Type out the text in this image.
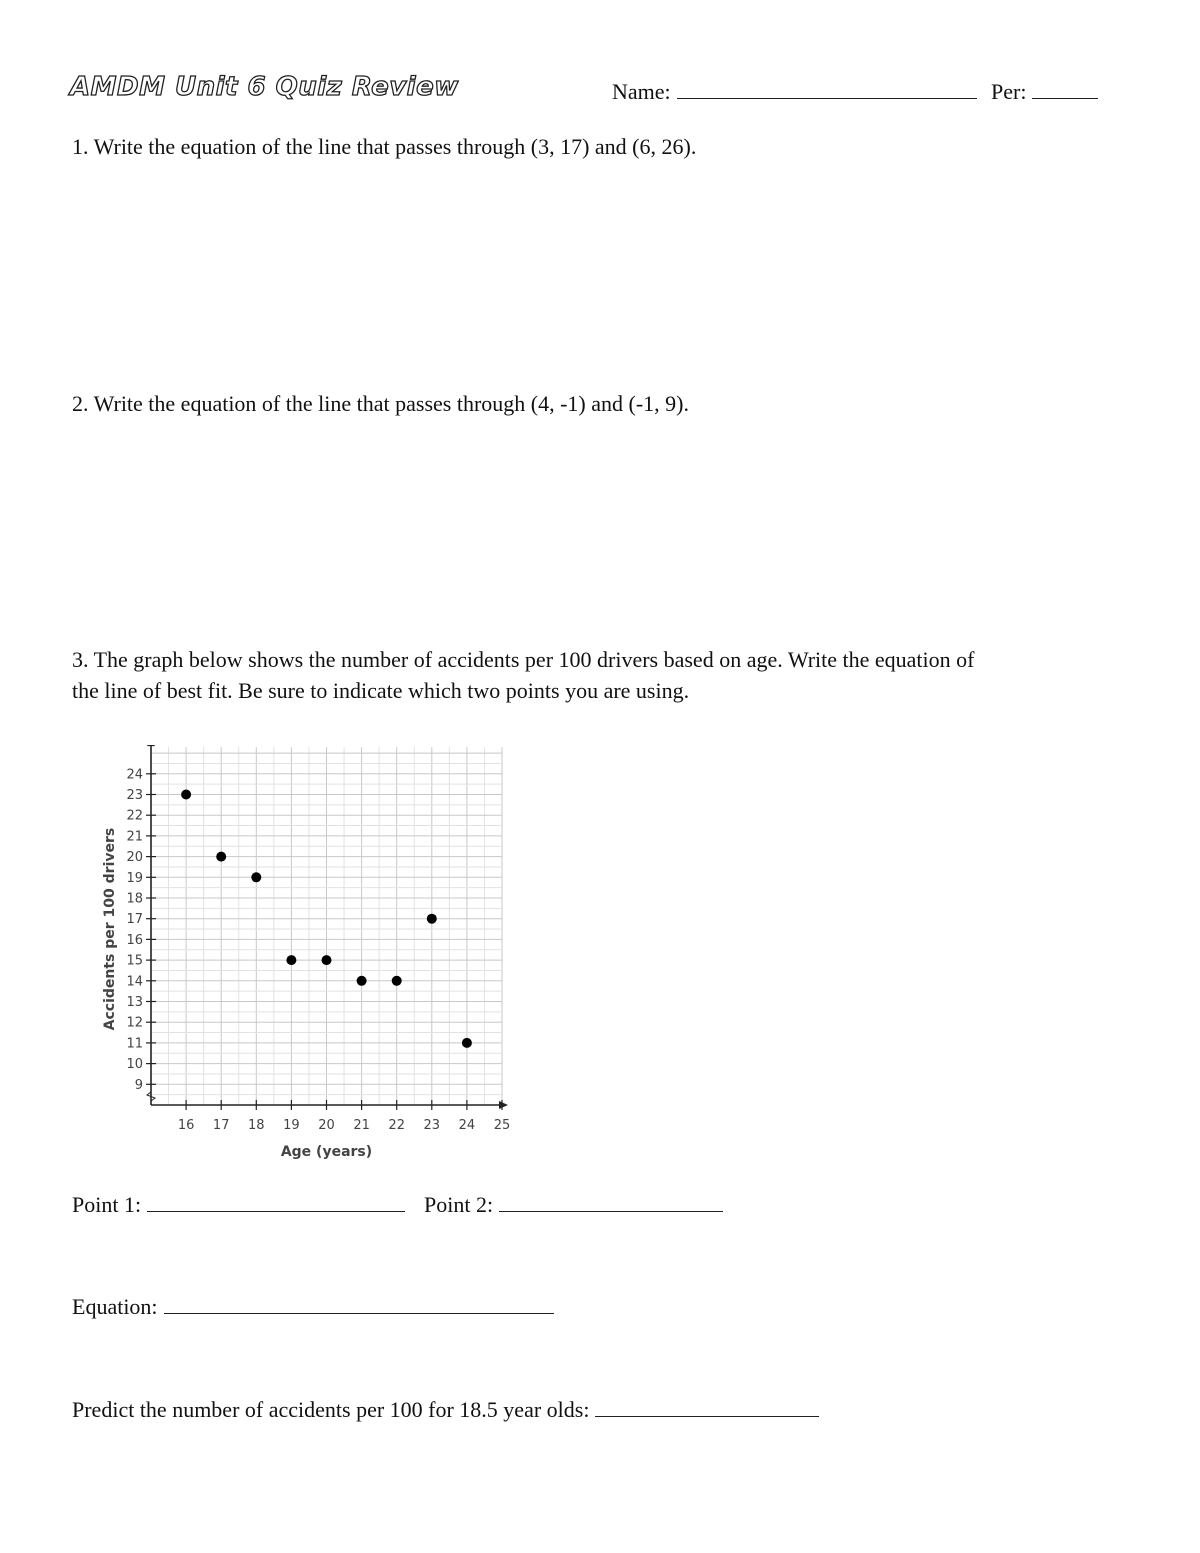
AMDM Unit 6 Quiz Review	Name:	Per:
1. Write the equation of the line that passes through (3, 17) and (6, 26).
2. Write the equation of the line that passes through (4, -1) and (-1, 9).
3. The graph below shows the number of accidents per 100 drivers based on age. Write the equation of
the line of best fit. Be sure to indicate which two points you are using.
16 17 18 19 20 21 22 23 24 25
9
10
11
12
13
14
15
16
17
18
19
20
21
22
23
24
Age (years)
Accidents per 100 drivers
Point 1:	Point 2:
Equation:
Predict the number of accidents per 100 for 18.5 year olds:
